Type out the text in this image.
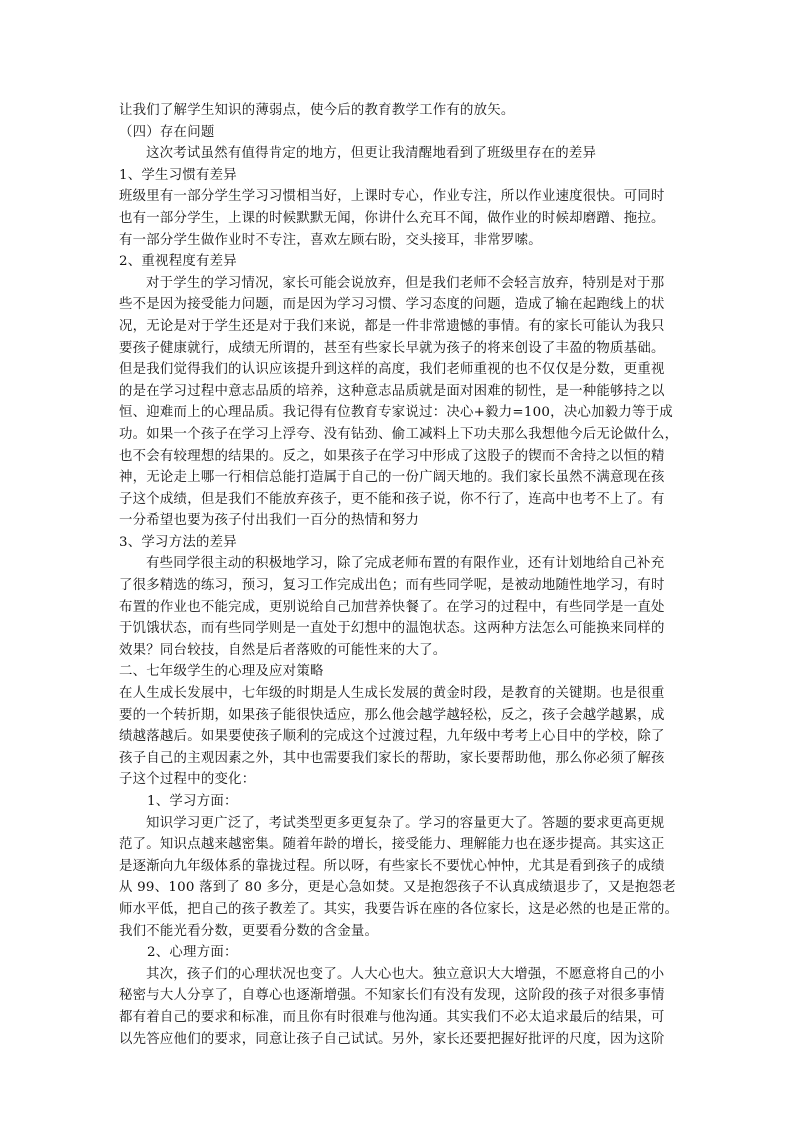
让我们了解学生知识的薄弱点，使今后的教育教学工作有的放矢。
（四）存在问题
这次考试虽然有值得肯定的地方，但更让我清醒地看到了班级里存在的差异
1、学生习惯有差异
班级里有一部分学生学习习惯相当好，上课时专心，作业专注，所以作业速度很快。可同时
也有一部分学生，上课的时候默默无闻，你讲什么充耳不闻，做作业的时候却磨蹭、拖拉。
有一部分学生做作业时不专注，喜欢左顾右盼，交头接耳，非常罗嗦。
2、重视程度有差异
对于学生的学习情况，家长可能会说放弃，但是我们老师不会轻言放弃，特别是对于那
些不是因为接受能力问题，而是因为学习习惯、学习态度的问题，造成了输在起跑线上的状
况，无论是对于学生还是对于我们来说，都是一件非常遗憾的事情。有的家长可能认为我只
要孩子健康就行，成绩无所谓的，甚至有些家长早就为孩子的将来创设了丰盈的物质基础。
但是我们觉得我们的认识应该提升到这样的高度，我们老师重视的也不仅仅是分数，更重视
的是在学习过程中意志品质的培养，这种意志品质就是面对困难的韧性，是一种能够持之以
恒、迎难而上的心理品质。我记得有位教育专家说过：决心+毅力=100，决心加毅力等于成
功。如果一个孩子在学习上浮夸、没有钻劲、偷工减料上下功夫那么我想他今后无论做什么，
也不会有较理想的结果的。反之，如果孩子在学习中形成了这股子的锲而不舍持之以恒的精
神，无论走上哪一行相信总能打造属于自己的一份广阔天地的。我们家长虽然不满意现在孩
子这个成绩，但是我们不能放弃孩子，更不能和孩子说，你不行了，连高中也考不上了。有
一分希望也要为孩子付出我们一百分的热情和努力
3、学习方法的差异
有些同学很主动的积极地学习，除了完成老师布置的有限作业，还有计划地给自己补充
了很多精选的练习，预习，复习工作完成出色；而有些同学呢，是被动地随性地学习，有时
布置的作业也不能完成，更别说给自己加营养快餐了。在学习的过程中，有些同学是一直处
于饥饿状态，而有些同学则是一直处于幻想中的温饱状态。这两种方法怎么可能换来同样的
效果？同台较技，自然是后者落败的可能性来的大了。
二、七年级学生的心理及应对策略
在人生成长发展中，七年级的时期是人生成长发展的黄金时段，是教育的关键期。也是很重
要的一个转折期，如果孩子能很快适应，那么他会越学越轻松，反之，孩子会越学越累，成
绩越落越后。如果要使孩子顺利的完成这个过渡过程，九年级中考考上心目中的学校，除了
孩子自己的主观因素之外，其中也需要我们家长的帮助，家长要帮助他，那么你必须了解孩
子这个过程中的变化：
1、学习方面：
知识学习更广泛了，考试类型更多更复杂了。学习的容量更大了。答题的要求更高更规
范了。知识点越来越密集。随着年龄的增长，接受能力、理解能力也在逐步提高。其实这正
是逐渐向九年级体系的靠拢过程。所以呀，有些家长不要忧心忡忡，尤其是看到孩子的成绩
从 99、100 落到了 80 多分，更是心急如焚。又是抱怨孩子不认真成绩退步了，又是抱怨老
师水平低，把自己的孩子教差了。其实，我要告诉在座的各位家长，这是必然的也是正常的。
我们不能光看分数，更要看分数的含金量。
2、心理方面：
其次，孩子们的心理状况也变了。人大心也大。独立意识大大增强，不愿意将自己的小
秘密与大人分享了，自尊心也逐渐增强。不知家长们有没有发现，这阶段的孩子对很多事情
都有着自己的要求和标准，而且你有时很难与他沟通。其实我们不必太追求最后的结果，可
以先答应他们的要求，同意让孩子自己试试。另外，家长还要把握好批评的尺度，因为这阶
